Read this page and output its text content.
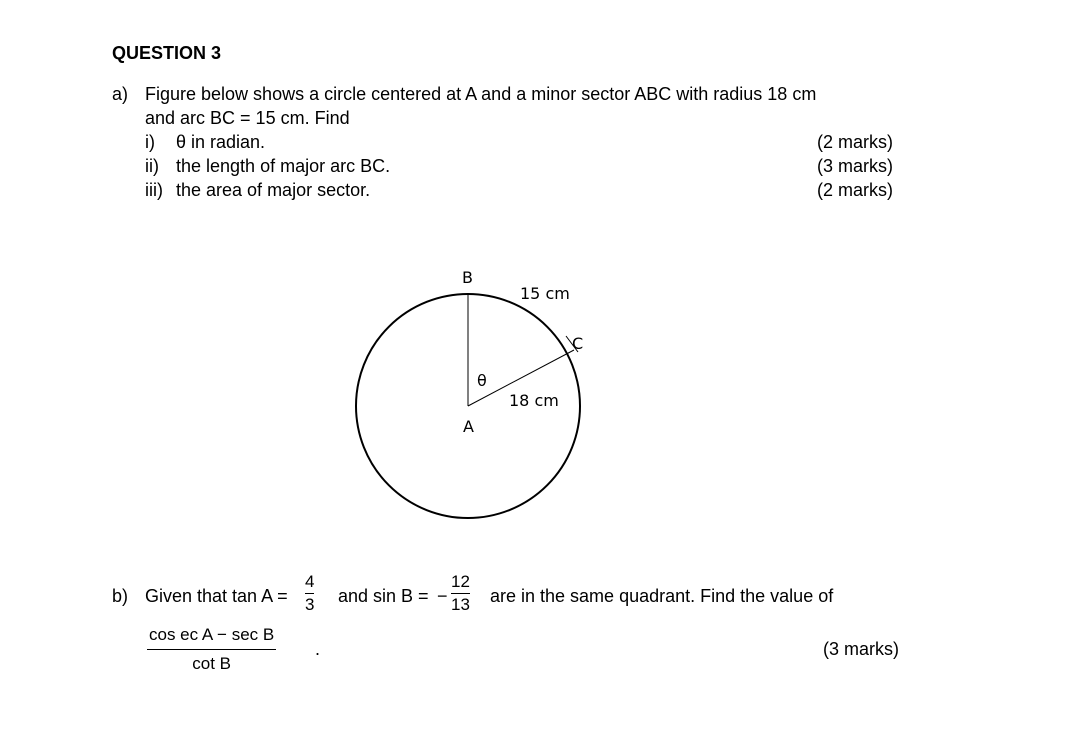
QUESTION 3
a) Figure below shows a circle centered at A and a minor sector ABC with radius 18 cm
and arc BC = 15 cm. Find
i) θ in radian.	(2 marks)
ii) the length of major arc BC.	(3 marks)
iii) the area of major sector.	(2 marks)
B
15 cm
C
θ
18 cm
A
b) Given that tan A =
4
3 and sin B = −
12
13 are in the same quadrant. Find the value of
cos ec A − sec B
cot B
.	(3 marks)
